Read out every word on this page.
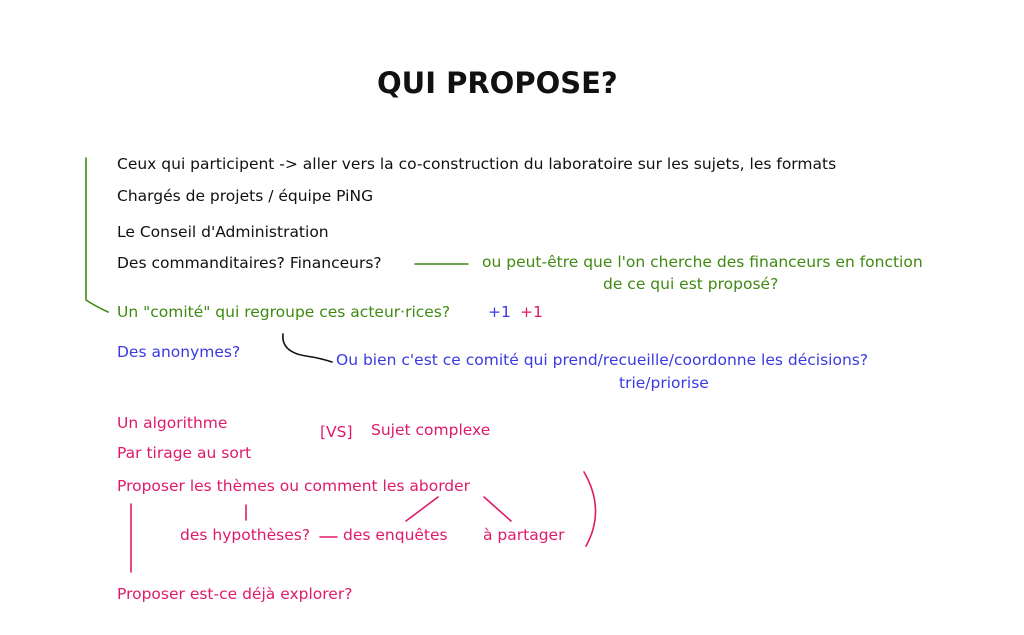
QUI PROPOSE?
Ceux qui participent -> aller vers la co-construction du laboratoire sur les sujets, les formats
Chargés de projets / équipe PiNG
Le Conseil d'Administration
Des commanditaires? Financeurs?	ou peut-être que l'on cherche des financeurs en fonction
de ce qui est proposé?
Un "comité" qui regroupe ces acteur·rices? +1 +1
Des anonymes?	Ou bien c'est ce comité qui prend/recueille/coordonne les décisions?
trie/priorise
Un algorithme	[VS] Sujet complexe
Par tirage au sort
Proposer les thèmes ou comment les aborder
des hypothèses? des enquêtes à partager
Proposer est-ce déjà explorer?
